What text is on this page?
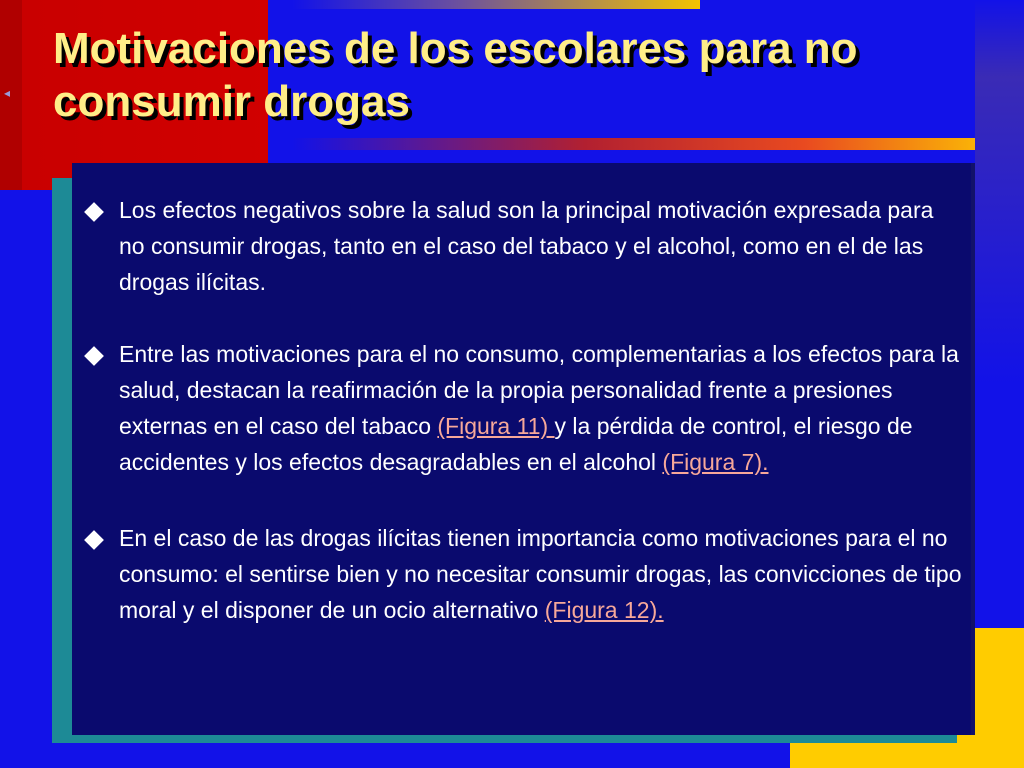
◂
Motivaciones de los escolares para no consumir drogas
Los efectos negativos sobre la salud son la principal motivación expresada para no consumir drogas, tanto en el caso del tabaco y el alcohol, como en el de las drogas ilícitas.
Entre las motivaciones para el no consumo, complementarias a los efectos para la salud, destacan la reafirmación de la propia personalidad frente a presiones externas en el caso del tabaco (Figura 11) y la pérdida de control, el riesgo de accidentes y los efectos desagradables en el alcohol (Figura 7).
En el caso de las drogas ilícitas tienen importancia como motivaciones para el no consumo: el sentirse bien y no necesitar consumir drogas, las convicciones de tipo moral y el disponer de un ocio alternativo (Figura 12).
